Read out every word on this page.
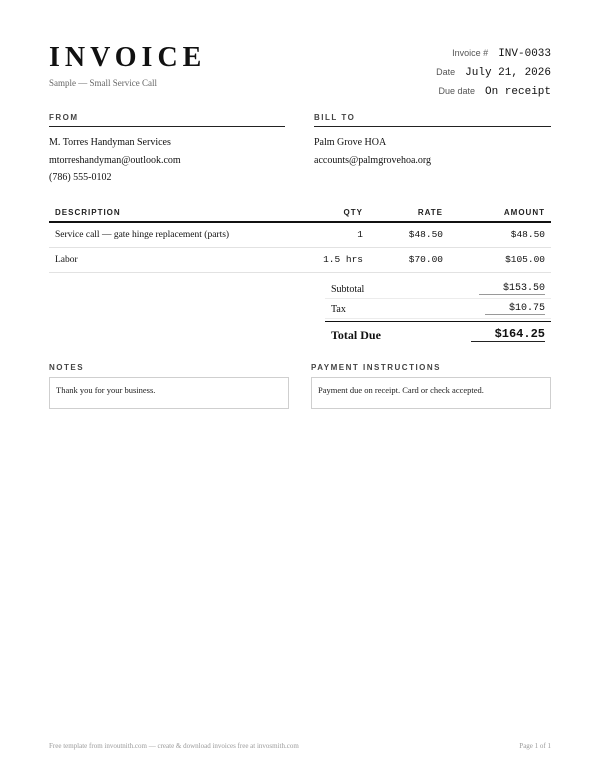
INVOICE
Sample — Small Service Call
Invoice # INV-0033
Date July 21, 2026
Due date On receipt
FROM
M. Torres Handyman Services
mtorreshandyman@outlook.com
(786) 555-0102
BILL TO
Palm Grove HOA
accounts@palmgrovehoa.org
DESCRIPTION	QTY	RATE	AMOUNT
Service call — gate hinge replacement (parts)	1	$48.50	$48.50
Labor	1.5 hrs	$70.00	$105.00
Subtotal	$153.50
Tax	$10.75
Total Due	$164.25
NOTES
Thank you for your business.
PAYMENT INSTRUCTIONS
Payment due on receipt. Card or check accepted.
Free template from invoutnith.com — create & download invoices free at invosmith.com	Page 1 of 1
